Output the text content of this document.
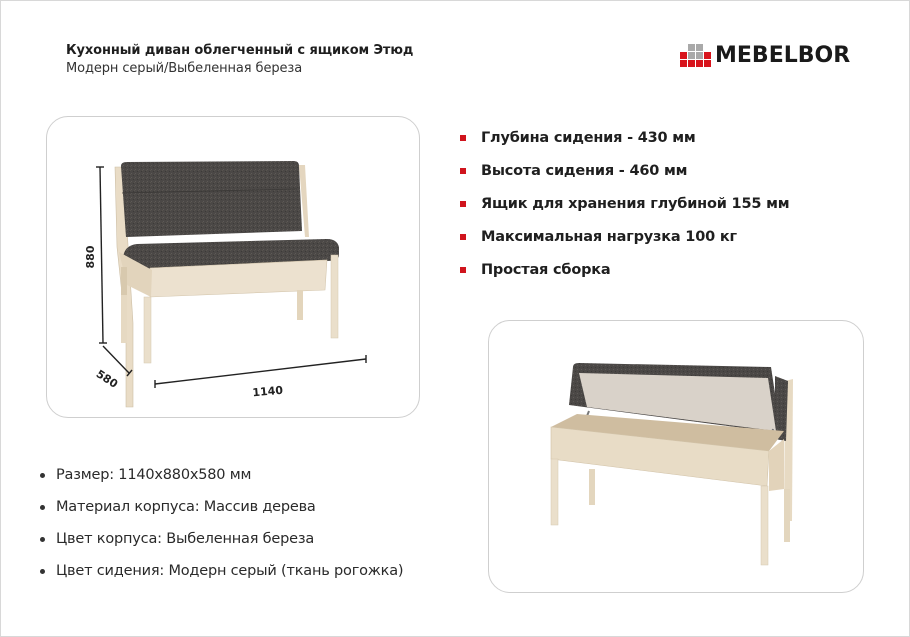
Кухонный диван облегченный с ящиком Этюд
Модерн серый/Выбеленная береза
MEBELBOR
880
580
1140
Глубина сидения - 430 мм
Высота сидения - 460 мм
Ящик для хранения глубиной 155 мм
Максимальная нагрузка 100 кг
Простая сборка
Размер: 1140х880х580 мм
Материал корпуса: Массив дерева
Цвет корпуса: Выбеленная береза
Цвет сидения: Модерн серый (ткань рогожка)
